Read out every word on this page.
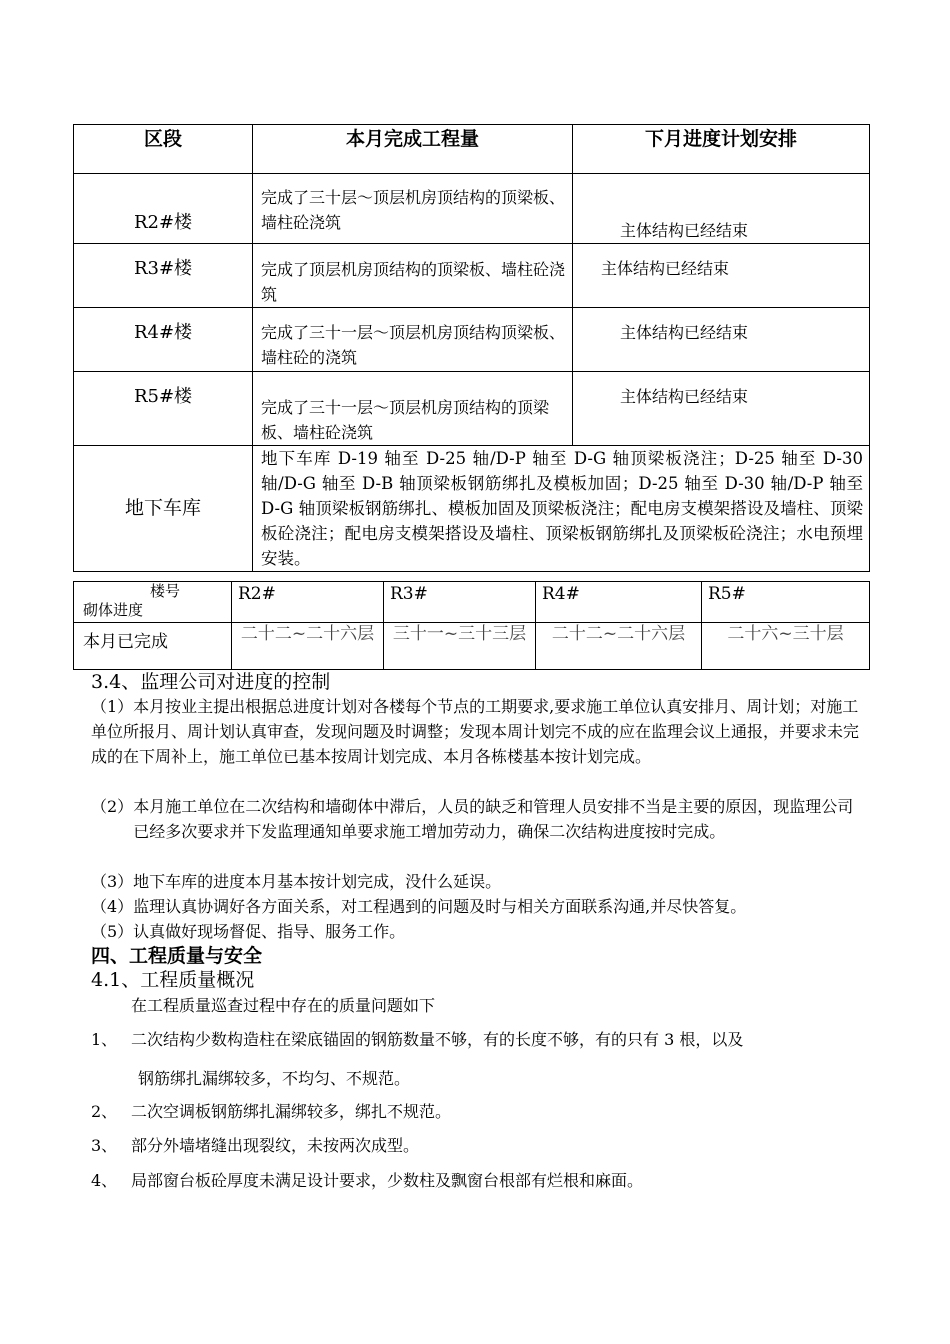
区段	本月完成工程量	下月进度计划安排

R2#楼	完成了三十层～顶层机房顶结构的顶梁板、墙柱砼浇筑	主体结构已经结束

R3#楼	完成了顶层机房顶结构的顶梁板、墙柱砼浇筑	主体结构已经结束

R4#楼	完成了三十一层～顶层机房顶结构顶梁板、墙柱砼的浇筑	主体结构已经结束

R5#楼	完成了三十一层～顶层机房顶结构的顶梁板、墙柱砼浇筑	主体结构已经结束

地下车库	地下车库 D-19 轴至 D-25 轴/D-P 轴至 D-G 轴顶梁板浇注；D-25 轴至 D-30 轴/D-G 轴至 D-B 轴顶梁板钢筋绑扎及模板加固；D-25 轴至 D-30 轴/D-P 轴至 D-G 轴顶梁板钢筋绑扎、模板加固及顶梁板浇注；配电房支模架搭设及墙柱、顶梁板砼浇注；配电房支模架搭设及墙柱、顶梁板钢筋绑扎及顶梁板砼浇注；水电预埋安装。	
楼号
砌体进度	R2#	R3#	R4#	R5#
本月已完成	二十二~二十六层	三十一~三十三层	二十二~二十六层	二十六~三十层
3.4、监理公司对进度的控制
（1）本月按业主提出根据总进度计划对各楼每个节点的工期要求,要求施工单位认真安排月、周计划；对施工单位所报月、周计划认真审查，发现问题及时调整；发现本周计划完不成的应在监理会议上通报，并要求未完成的在下周补上，施工单位已基本按周计划完成、本月各栋楼基本按计划完成。
（2） 本月施工单位在二次结构和墙砌体中滞后，人员的缺乏和管理人员安排不当是主要的原因，现监理公司已经多次要求并下发监理通知单要求施工增加劳动力，确保二次结构进度按时完成。
（3）地下车库的进度本月基本按计划完成，没什么延误。
（4）监理认真协调好各方面关系，对工程遇到的问题及时与相关方面联系沟通,并尽快答复。
（5）认真做好现场督促、指导、服务工作。
四、工程质量与安全
4.1、工程质量概况
在工程质量巡查过程中存在的质量问题如下
1、 二次结构少数构造柱在梁底锚固的钢筋数量不够，有的长度不够，有的只有 3 根，以及
钢筋绑扎漏绑较多，不均匀、不规范。
2、 二次空调板钢筋绑扎漏绑较多，绑扎不规范。
3、 部分外墙堵缝出现裂纹，未按两次成型。
4、 局部窗台板砼厚度未满足设计要求，少数柱及飘窗台根部有烂根和麻面。
